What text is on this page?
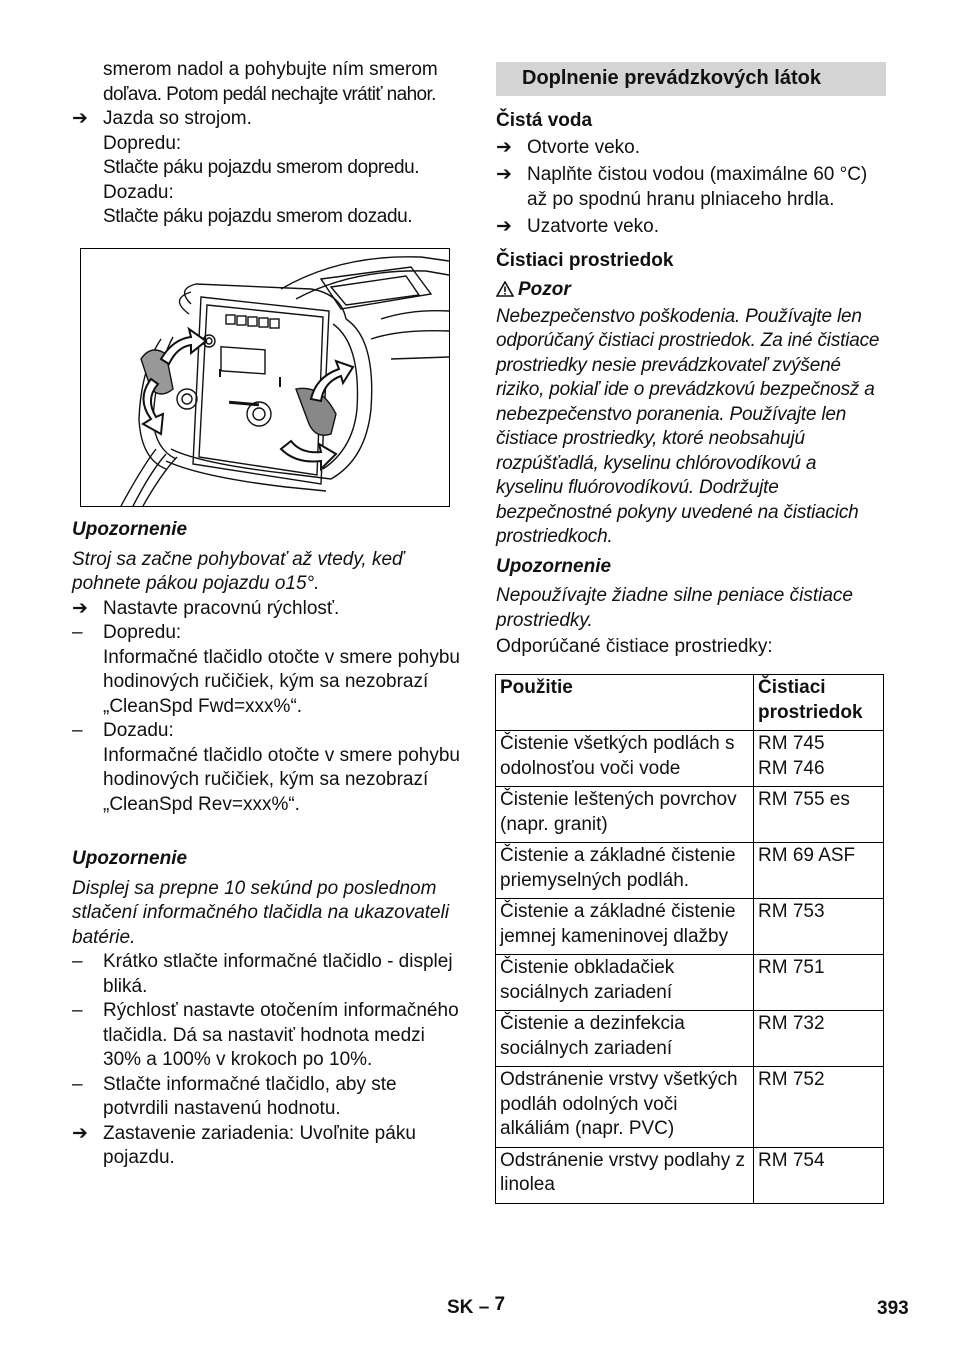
smerom nadol a pohybujte ním smerom

doľava. Potom pedál nechajte vrátiť nahor.

➔ Jazda so strojom.
Dopredu:
Stlačte páku pojazdu smerom dopredu.
Dozadu:
Stlačte páku pojazdu smerom dozadu.

Upozornenie

Stroj sa začne pohybovať až vtedy, keď pohnete pákou pojazdu o15°.

➔ Nastavte pracovnú rýchlosť.
–	Dopredu:
Informačné tlačidlo otočte v smere pohybu hodinových ručičiek, kým sa nezobrazí „CleanSpd Fwd=xxx%“.
–	Dozadu:
Informačné tlačidlo otočte v smere pohybu hodinových ručičiek, kým sa nezobrazí „CleanSpd Rev=xxx%“.

Upozornenie

Displej sa prepne 10 sekúnd po poslednom stlačení informačného tlačidla na ukazovateli batérie.

–	Krátko stlačte informačné tlačidlo - displej bliká.
–	Rýchlosť nastavte otočením informačného tlačidla. Dá sa nastaviť hodnota medzi 30% a 100% v krokoch po 10%.
–	Stlačte informačné tlačidlo, aby ste potvrdili nastavenú hodnotu.
➔ Zastavenie zariadenia: Uvoľnite páku pojazdu.
Doplnenie prevádzkových látok

Čistá voda

➔ Otvorte veko.
➔ Naplňte čistou vodou (maximálne 60 °C) až po spodnú hranu plniaceho hrdla.
➔ Uzatvorte veko.

Čistiaci prostriedok

Pozor

Nebezpečenstvo poškodenia. Používajte len odporúčaný čistiaci prostriedok. Za iné čistiace prostriedky nesie prevádzkovateľ zvýšené riziko, pokiaľ ide o prevádzkovú bezpečnosž a nebezpečenstvo poranenia. Používajte len čistiace prostriedky, ktoré neobsahujú rozpúšťadlá, kyselinu chlórovodíkovú a kyselinu fluórovodíkovú. Dodržujte bezpečnostné pokyny uvedené na čistiacich prostriedkoch.

Upozornenie

Nepoužívajte žiadne silne peniace čistiace prostriedky.

Odporúčané čistiace prostriedky:

Použitie	Čistiaci prostriedok
Čistenie všetkých podlách s odolnosťou voči vode	RM 745
RM 746
Čistenie leštených povrchov (napr. granit)	RM 755 es
Čistenie a základné čistenie priemyselných podláh.	RM 69 ASF
Čistenie a základné čistenie jemnej kameninovej dlažby	RM 753
Čistenie obkladačiek sociálnych zariadení	RM 751
Čistenie a dezinfekcia sociálnych zariadení	RM 732
Odstránenie vrstvy všetkých podláh odolných voči alkáliám (napr. PVC)	RM 752
Odstránenie vrstvy podlahy z linolea	RM 754
SK – 7	393
